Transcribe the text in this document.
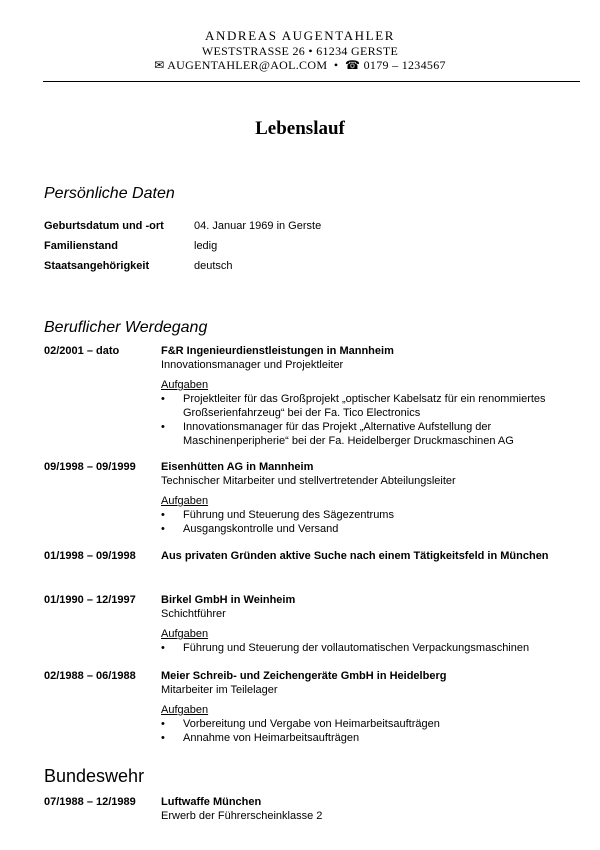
ANDREAS AUGENTAHLER
WESTSTRASSE 26 • 61234 GERSTE
✉ AUGENTAHLER@AOL.COM  •  ☎ 0179 – 1234567
Lebenslauf
Persönliche Daten
Geburtsdatum und -ort	04. Januar 1969 in Gerste
Familienstand	ledig
Staatsangehörigkeit	deutsch
Beruflicher Werdegang
02/2001 – dato	F&R Ingenieurdienstleistungen in Mannheim
Innovationsmanager und Projektleiter
Aufgaben
• Projektleiter für das Großprojekt „optischer Kabelsatz für ein renommiertes Großserienfahrzeug“ bei der Fa. Tico Electronics
• Innovationsmanager für das Projekt „Alternative Aufstellung der Maschinenperipherie“ bei der Fa. Heidelberger Druckmaschinen AG
09/1998 – 09/1999	Eisenhütten AG in Mannheim
Technischer Mitarbeiter und stellvertretender Abteilungsleiter
Aufgaben
• Führung und Steuerung des Sägezentrums
• Ausgangskontrolle und Versand
01/1998 – 09/1998	Aus privaten Gründen aktive Suche nach einem Tätigkeitsfeld in München
01/1990 – 12/1997	Birkel GmbH in Weinheim
Schichtführer
Aufgaben
• Führung und Steuerung der vollautomatischen Verpackungsmaschinen
02/1988 – 06/1988	Meier Schreib- und Zeichengeräte GmbH in Heidelberg
Mitarbeiter im Teilelager
Aufgaben
• Vorbereitung und Vergabe von Heimarbeitsaufträgen
• Annahme von Heimarbeitsaufträgen
Bundeswehr
07/1988 – 12/1989	Luftwaffe München
Erwerb der Führerscheinklasse 2
